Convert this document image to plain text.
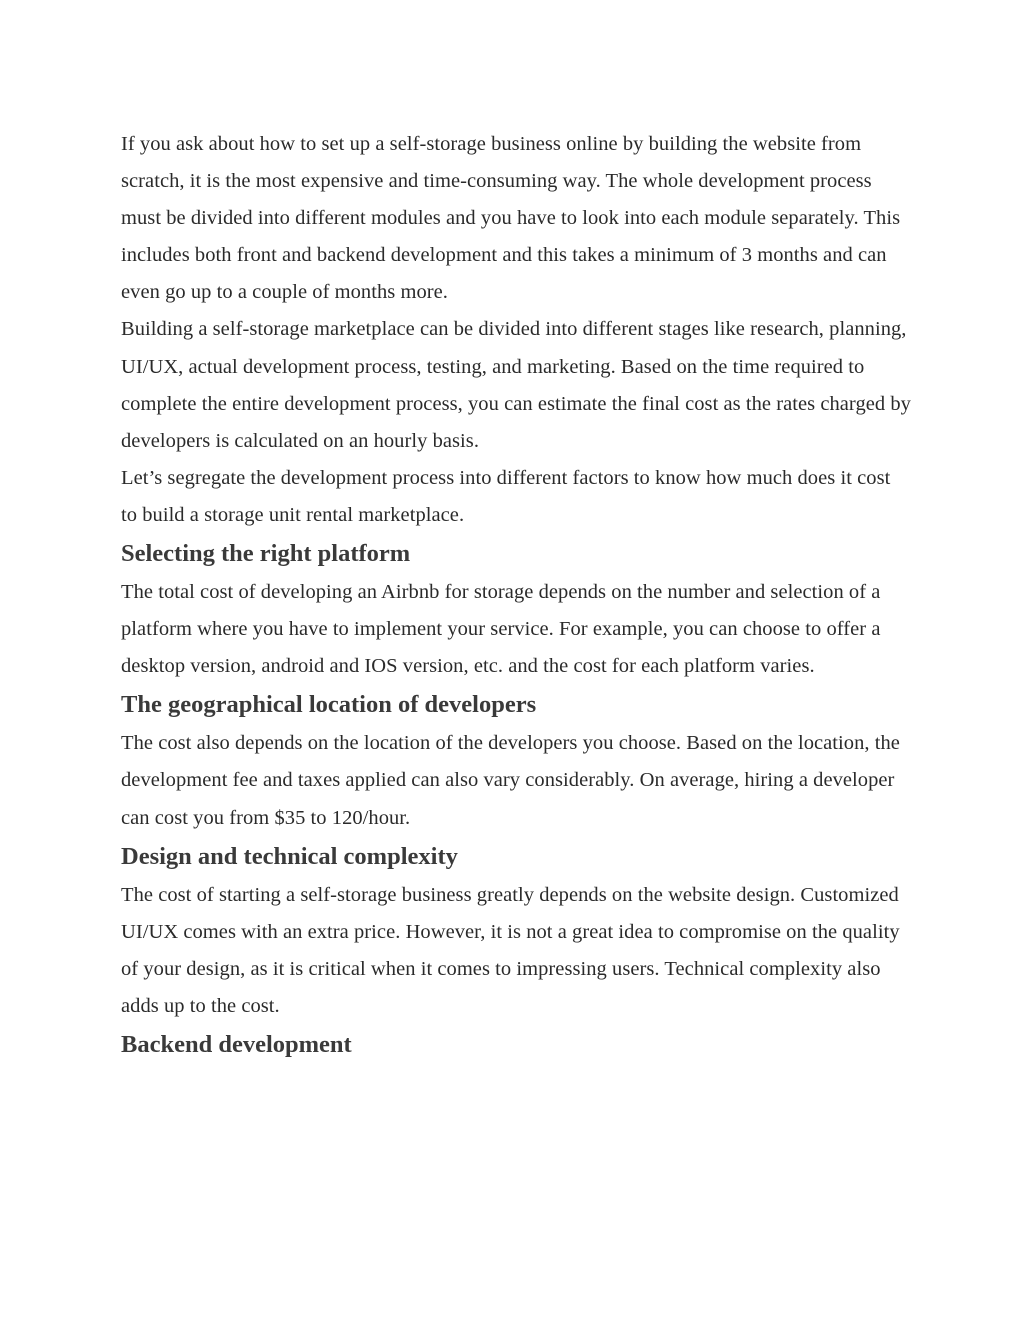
If you ask about how to set up a self-storage business online by building the website from scratch, it is the most expensive and time-consuming way. The whole development process must be divided into different modules and you have to look into each module separately. This includes both front and backend development and this takes a minimum of 3 months and can even go up to a couple of months more.

Building a self-storage marketplace can be divided into different stages like research, planning, UI/UX, actual development process, testing, and marketing. Based on the time required to complete the entire development process, you can estimate the final cost as the rates charged by developers is calculated on an hourly basis.

Let’s segregate the development process into different factors to know how much does it cost to build a storage unit rental marketplace.

Selecting the right platform

The total cost of developing an Airbnb for storage depends on the number and selection of a platform where you have to implement your service. For example, you can choose to offer a desktop version, android and IOS version, etc. and the cost for each platform varies.

The geographical location of developers

The cost also depends on the location of the developers you choose. Based on the location, the development fee and taxes applied can also vary considerably. On average, hiring a developer can cost you from $35 to 120/hour.

Design and technical complexity

The cost of starting a self-storage business greatly depends on the website design. Customized UI/UX comes with an extra price. However, it is not a great idea to compromise on the quality of your design, as it is critical when it comes to impressing users. Technical complexity also adds up to the cost.

Backend development
